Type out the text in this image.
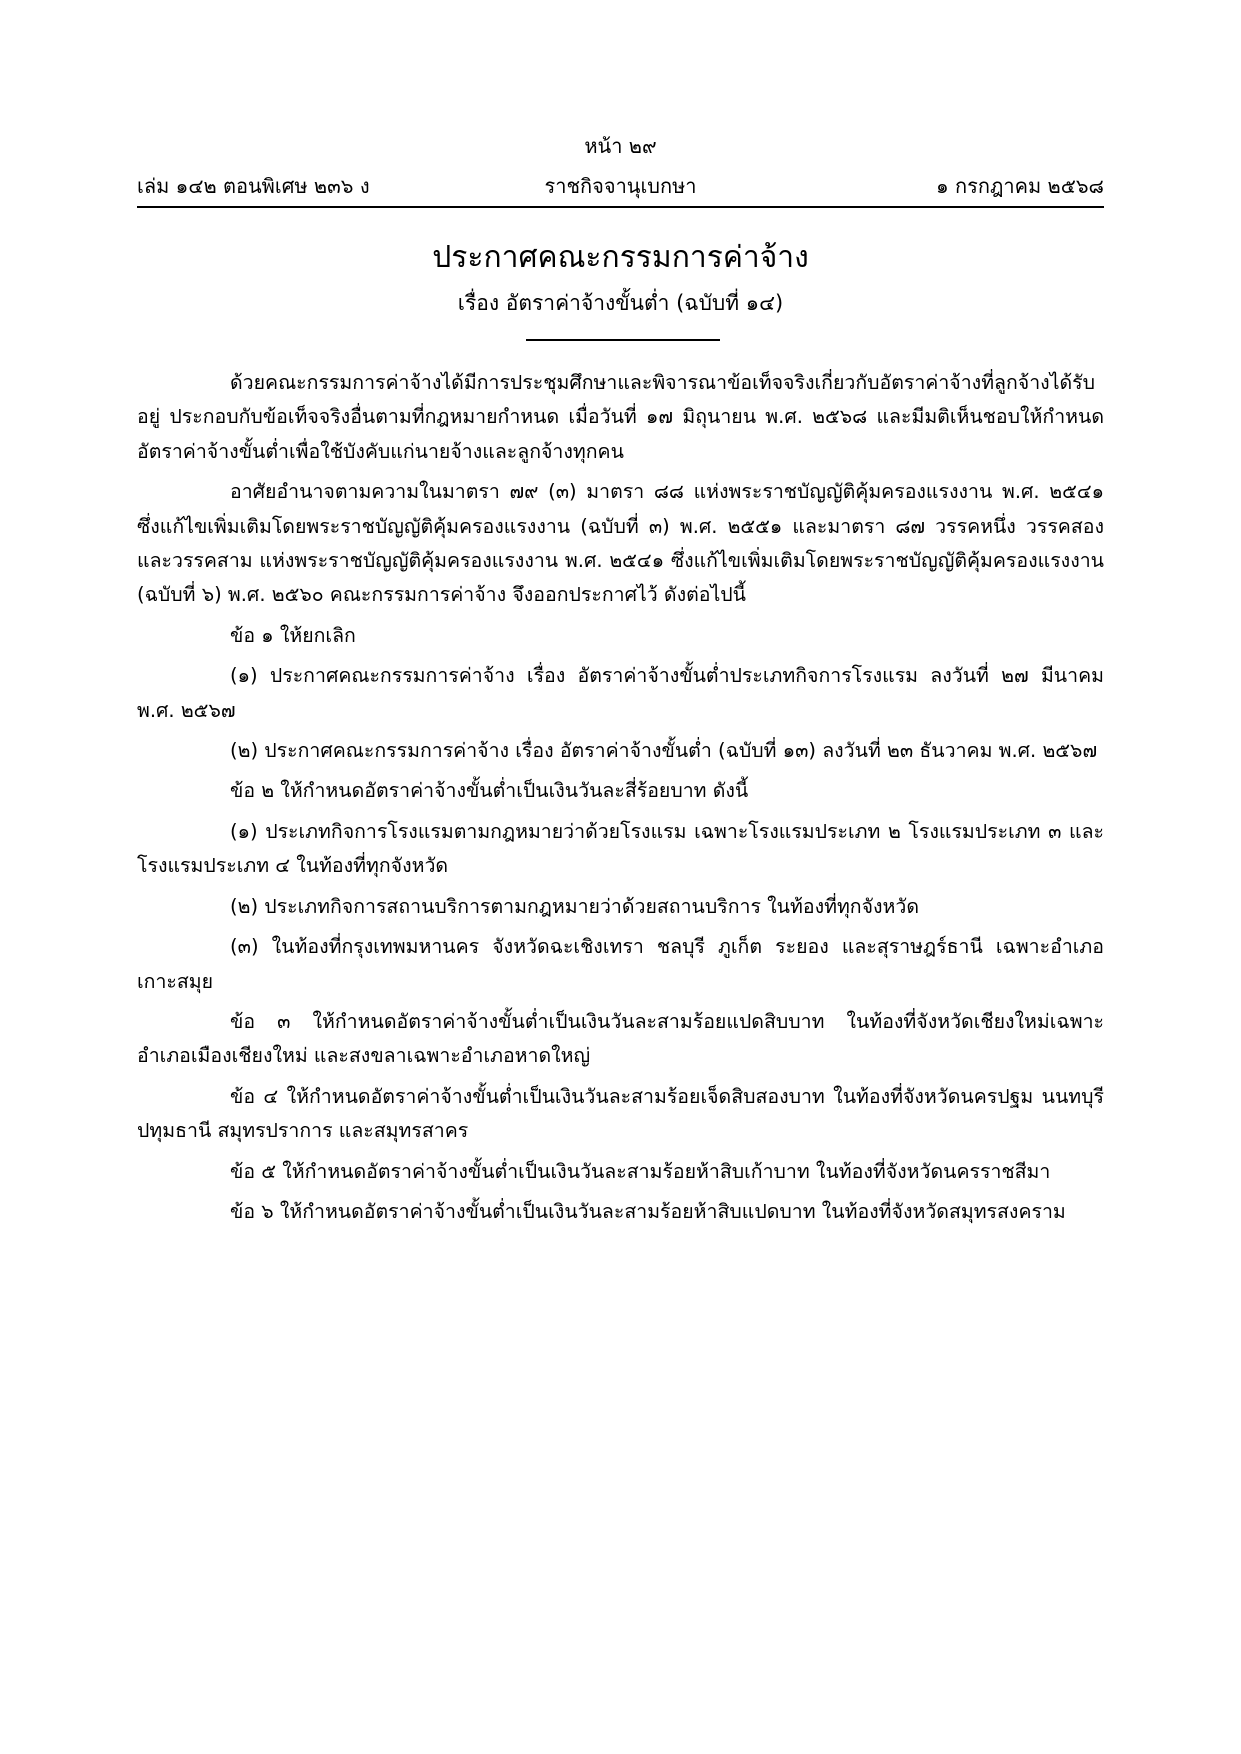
หน้า ๒๙
เล่ม ๑๔๒ ตอนพิเศษ ๒๓๖ ง	ราชกิจจานุเบกษา	๑ กรกฎาคม ๒๕๖๘
ประกาศคณะกรรมการค่าจ้าง
เรื่อง อัตราค่าจ้างขั้นต่ำ (ฉบับที่ ๑๔)

ด้วยคณะกรรมการค่าจ้างได้มีการประชุมศึกษาและพิจารณาข้อเท็จจริงเกี่ยวกับอัตราค่าจ้างที่ลูกจ้างได้รับอยู่ ประกอบกับข้อเท็จจริงอื่นตามที่กฎหมายกำหนด เมื่อวันที่ ๑๗ มิถุนายน พ.ศ. ๒๕๖๘ และมีมติเห็นชอบให้กำหนดอัตราค่าจ้างขั้นต่ำเพื่อใช้บังคับแก่นายจ้างและลูกจ้างทุกคน

อาศัยอำนาจตามความในมาตรา ๗๙ (๓) มาตรา ๘๘ แห่งพระราชบัญญัติคุ้มครองแรงงาน พ.ศ. ๒๕๔๑ ซึ่งแก้ไขเพิ่มเติมโดยพระราชบัญญัติคุ้มครองแรงงาน (ฉบับที่ ๓) พ.ศ. ๒๕๕๑ และมาตรา ๘๗ วรรคหนึ่ง วรรคสอง และวรรคสาม แห่งพระราชบัญญัติคุ้มครองแรงงาน พ.ศ. ๒๕๔๑ ซึ่งแก้ไขเพิ่มเติมโดยพระราชบัญญัติคุ้มครองแรงงาน (ฉบับที่ ๖) พ.ศ. ๒๕๖๐ คณะกรรมการค่าจ้าง จึงออกประกาศไว้ ดังต่อไปนี้

ข้อ ๑ ให้ยกเลิก

(๑) ประกาศคณะกรรมการค่าจ้าง เรื่อง อัตราค่าจ้างขั้นต่ำประเภทกิจการโรงแรม ลงวันที่ ๒๗ มีนาคม พ.ศ. ๒๕๖๗

(๒) ประกาศคณะกรรมการค่าจ้าง เรื่อง อัตราค่าจ้างขั้นต่ำ (ฉบับที่ ๑๓) ลงวันที่ ๒๓ ธันวาคม พ.ศ. ๒๕๖๗

ข้อ ๒ ให้กำหนดอัตราค่าจ้างขั้นต่ำเป็นเงินวันละสี่ร้อยบาท ดังนี้

(๑) ประเภทกิจการโรงแรมตามกฎหมายว่าด้วยโรงแรม เฉพาะโรงแรมประเภท ๒ โรงแรมประเภท ๓ และโรงแรมประเภท ๔ ในท้องที่ทุกจังหวัด

(๒) ประเภทกิจการสถานบริการตามกฎหมายว่าด้วยสถานบริการ ในท้องที่ทุกจังหวัด

(๓) ในท้องที่กรุงเทพมหานคร จังหวัดฉะเชิงเทรา ชลบุรี ภูเก็ต ระยอง และสุราษฎร์ธานี เฉพาะอำเภอเกาะสมุย

ข้อ ๓ ให้กำหนดอัตราค่าจ้างขั้นต่ำเป็นเงินวันละสามร้อยแปดสิบบาท ในท้องที่จังหวัดเชียงใหม่เฉพาะอำเภอเมืองเชียงใหม่ และสงขลาเฉพาะอำเภอหาดใหญ่

ข้อ ๔ ให้กำหนดอัตราค่าจ้างขั้นต่ำเป็นเงินวันละสามร้อยเจ็ดสิบสองบาท ในท้องที่จังหวัดนครปฐม นนทบุรี ปทุมธานี สมุทรปราการ และสมุทรสาคร

ข้อ ๕ ให้กำหนดอัตราค่าจ้างขั้นต่ำเป็นเงินวันละสามร้อยห้าสิบเก้าบาท ในท้องที่จังหวัดนครราชสีมา

ข้อ ๖ ให้กำหนดอัตราค่าจ้างขั้นต่ำเป็นเงินวันละสามร้อยห้าสิบแปดบาท ในท้องที่จังหวัดสมุทรสงคราม
